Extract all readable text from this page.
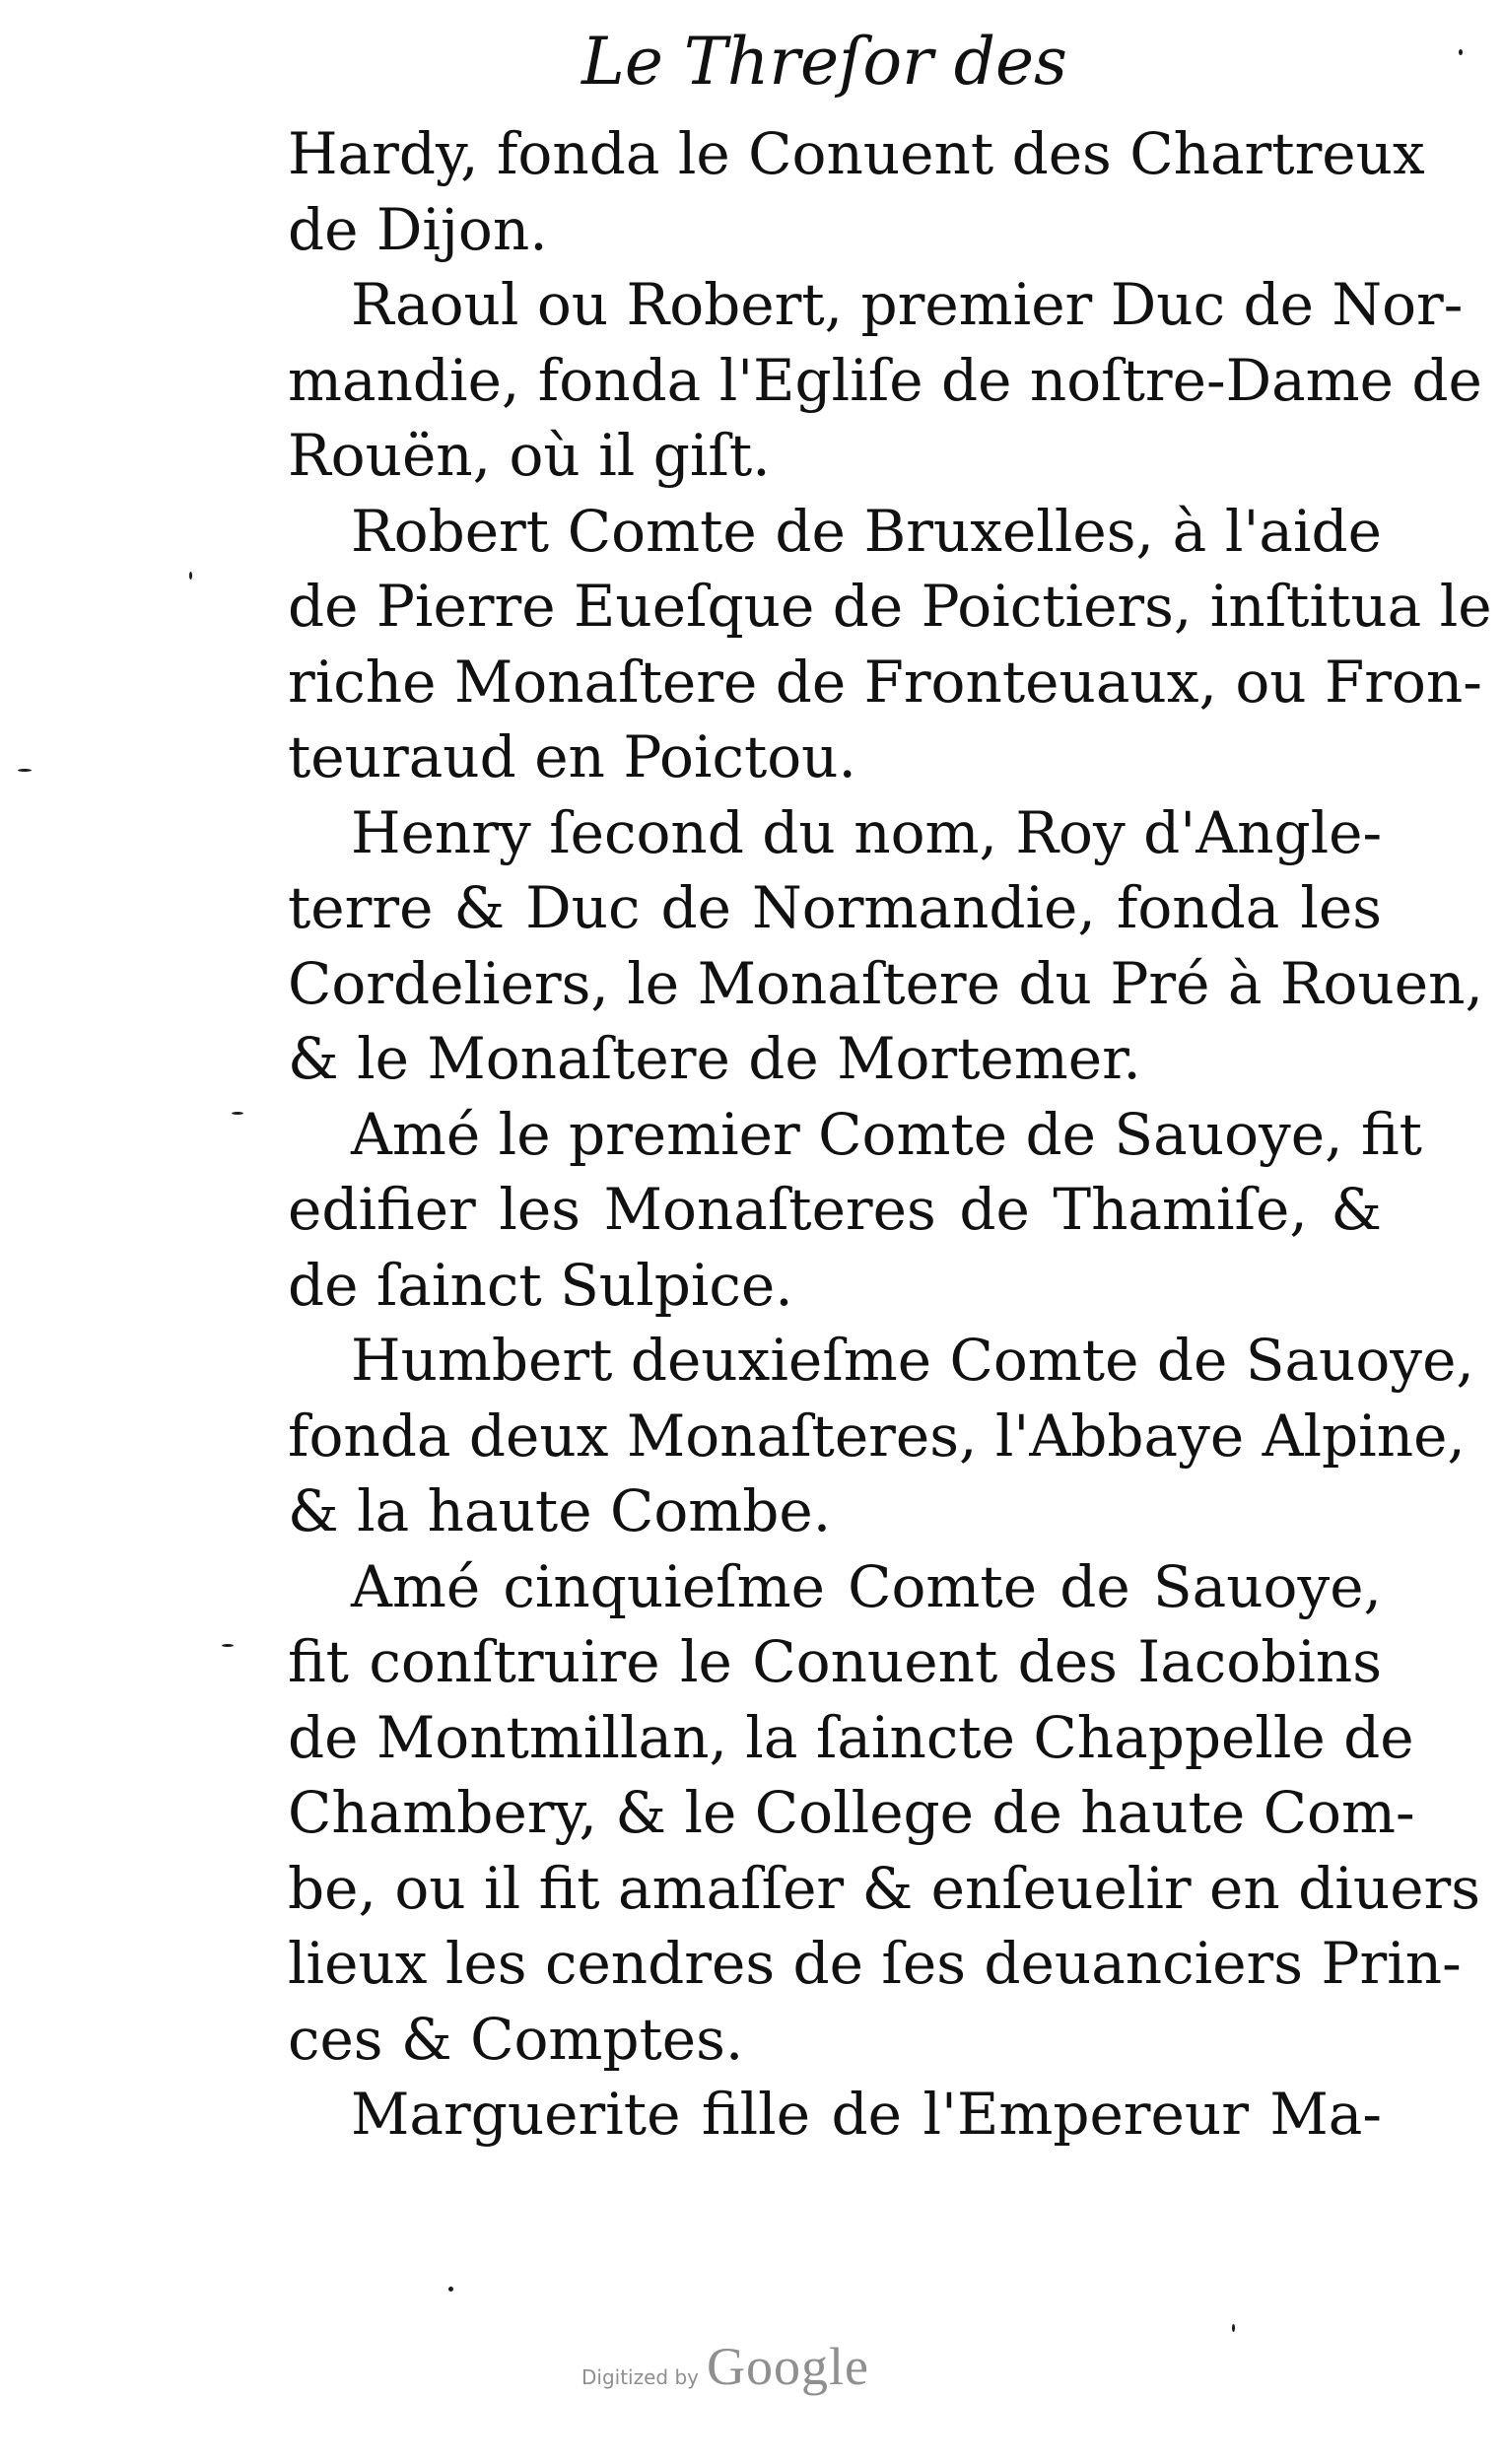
Le Threſor des
Hardy, fonda le Conuent des Chartreux
de Dijon.
Raoul ou Robert, premier Duc de Nor-
mandie, fonda l'Egliſe de noſtre-Dame de
Rouën, où il giſt.
Robert Comte de Bruxelles, à l'aide
de Pierre Eueſque de Poictiers, inſtitua le
riche Monaſtere de Fronteuaux, ou Fron-
teuraud en Poictou.
Henry ſecond du nom, Roy d'Angle-
terre & Duc de Normandie, fonda les
Cordeliers, le Monaſtere du Pré à Rouen,
& le Monaſtere de Mortemer.
Amé le premier Comte de Sauoye, fit
edifier les Monaſteres de Thamiſe, &
de ſainct Sulpice.
Humbert deuxieſme Comte de Sauoye,
fonda deux Monaſteres, l'Abbaye Alpine,
& la haute Combe.
Amé cinquieſme Comte de Sauoye,
fit conſtruire le Conuent des Iacobins
de Montmillan, la ſaincte Chappelle de
Chambery, & le College de haute Com-
be, ou il fit amaſſer & enſeuelir en diuers
lieux les cendres de ſes deuanciers Prin-
ces & Comptes.
Marguerite fille de l'Empereur Ma-
Digitized by Google
